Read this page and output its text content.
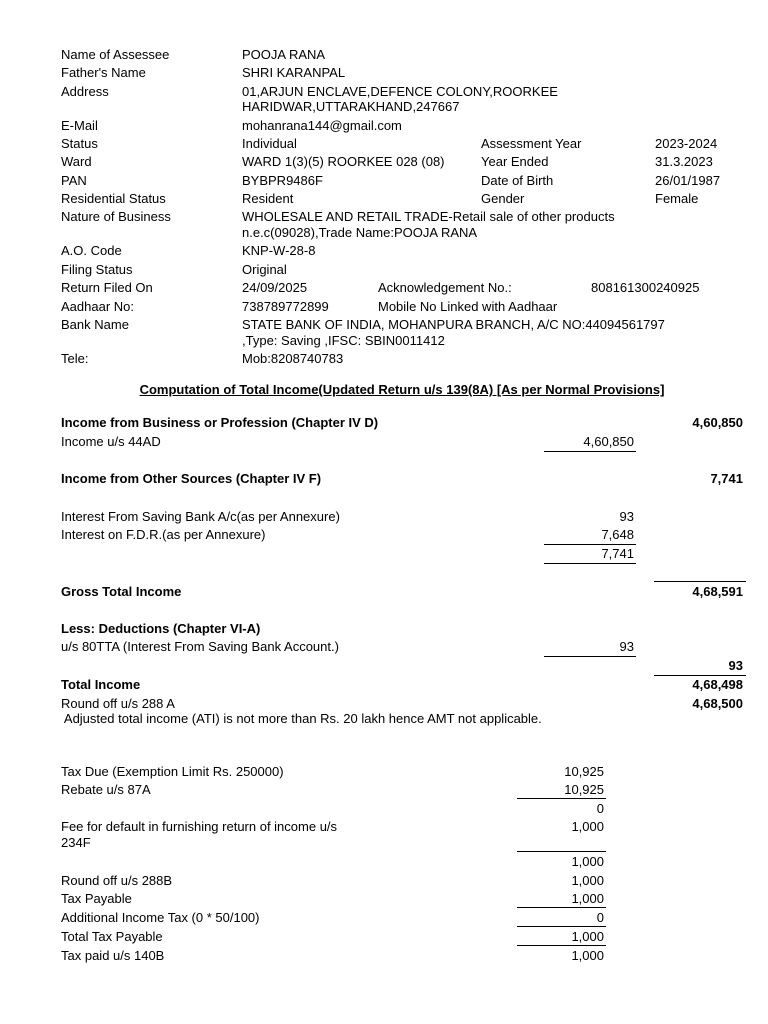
Name of Assessee	POOJA RANA
Father's Name	SHRI KARANPAL
Address	01,ARJUN ENCLAVE,DEFENCE COLONY,ROORKEE
HARIDWAR,UTTARAKHAND,247667
E-Mail	mohanrana144@gmail.com
Status	Individual	Assessment Year	2023-2024
Ward	WARD 1(3)(5) ROORKEE 028 (08)	Year Ended	31.3.2023
PAN	BYBPR9486F	Date of Birth	26/01/1987
Residential Status	Resident	Gender	Female
Nature of Business	WHOLESALE AND RETAIL TRADE-Retail sale of other products
n.e.c(09028),Trade Name:POOJA RANA
A.O. Code	KNP-W-28-8
Filing Status	Original
Return Filed On	24/09/2025	Acknowledgement No.:	808161300240925
Aadhaar No:	738789772899	Mobile No Linked with Aadhaar
Bank Name	STATE BANK OF INDIA, MOHANPURA BRANCH, A/C NO:44094561797
,Type: Saving ,IFSC: SBIN0011412
Tele:	Mob:8208740783
Computation of Total Income(Updated Return u/s 139(8A) [As per Normal Provisions]
Income from Business or Profession (Chapter IV D)	4,60,850
Income u/s 44AD	4,60,850
Income from Other Sources (Chapter IV F)	7,741
Interest From Saving Bank A/c(as per Annexure)	93
Interest on F.D.R.(as per Annexure)	7,648
7,741
Gross Total Income	4,68,591
Less: Deductions (Chapter VI-A)
u/s 80TTA (Interest From Saving Bank Account.)	93
93
Total Income	4,68,498
Round off u/s 288 A	4,68,500
Adjusted total income (ATI) is not more than Rs. 20 lakh hence AMT not applicable.
Tax Due (Exemption Limit Rs. 250000)	10,925
Rebate u/s 87A	10,925
0
Fee for default in furnishing return of income u/s
234F
1,000
1,000
Round off u/s 288B	1,000
Tax Payable	1,000
Additional Income Tax (0 * 50/100)	0
Total Tax Payable	1,000
Tax paid u/s 140B	1,000
